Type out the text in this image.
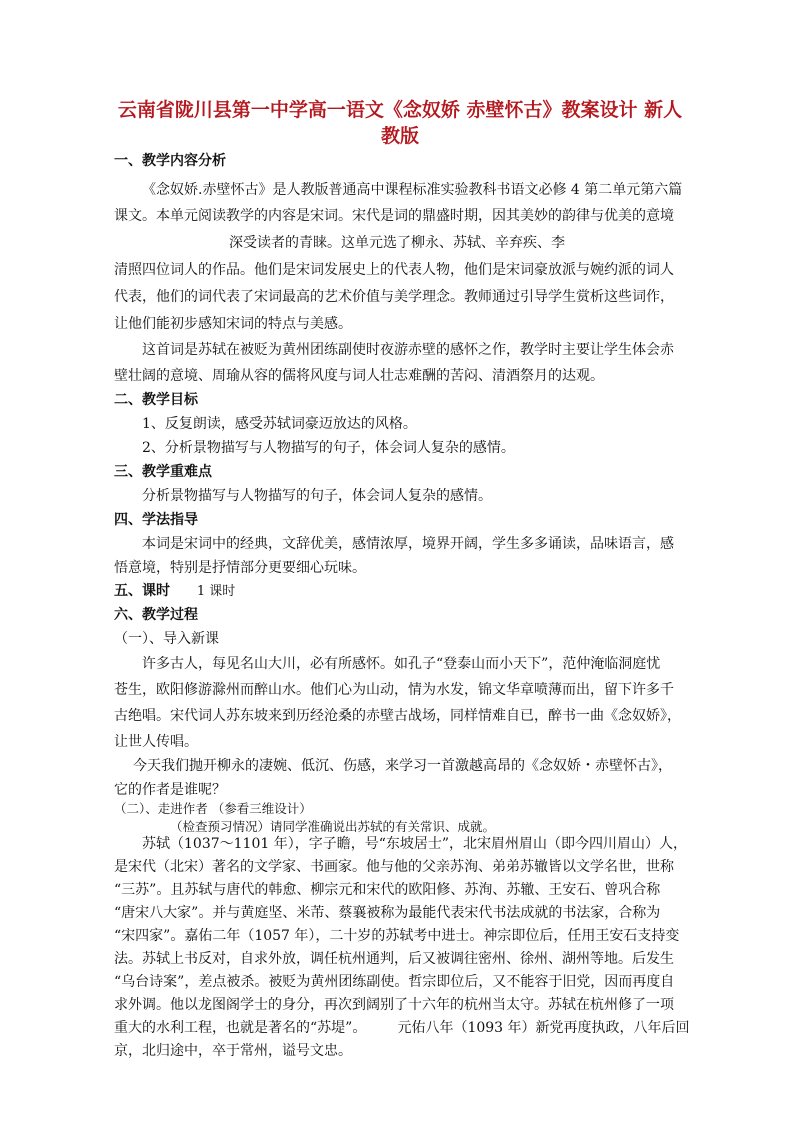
云南省陇川县第一中学高一语文《念奴娇 赤壁怀古》教案设计 新人
教版
一、教学内容分析
《念奴娇.赤壁怀古》是人教版普通高中课程标准实验教科书语文必修 4 第二单元第六篇
课文。本单元阅读教学的内容是宋词。宋代是词的鼎盛时期，因其美妙的韵律与优美的意境
深受读者的青睐。这单元选了柳永、苏轼、辛弃疾、李
清照四位词人的作品。他们是宋词发展史上的代表人物，他们是宋词豪放派与婉约派的词人
代表，他们的词代表了宋词最高的艺术价值与美学理念。教师通过引导学生赏析这些词作，
让他们能初步感知宋词的特点与美感。
这首词是苏轼在被贬为黄州团练副使时夜游赤壁的感怀之作，教学时主要让学生体会赤
壁壮阔的意境、周瑜从容的儒将风度与词人壮志难酬的苦闷、清酒祭月的达观。
二、教学目标
1、反复朗读，感受苏轼词豪迈放达的风格。
2、分析景物描写与人物描写的句子，体会词人复杂的感情。
三、教学重难点
分析景物描写与人物描写的句子，体会词人复杂的感情。
四、学法指导
本词是宋词中的经典，文辞优美，感情浓厚，境界开阔，学生多多诵读，品味语言，感
悟意境，特别是抒情部分更要细心玩味。
五、课时 1 课时
六、教学过程
（一）、导入新课
许多古人，每见名山大川，必有所感怀。如孔子“登泰山而小天下”，范仲淹临洞庭忧
苍生，欧阳修游滁州而醉山水。他们心为山动，情为水发，锦文华章喷薄而出，留下许多千
古绝唱。宋代词人苏东坡来到历经沧桑的赤壁古战场，同样情难自已，醉书一曲《念奴娇》，
让世人传唱。
今天我们抛开柳永的凄婉、低沉、伤感，来学习一首激越高昂的《念奴娇・赤壁怀古》，
它的作者是谁呢？
（二）、走进作者 （参看三维设计）
（检查预习情况）请同学准确说出苏轼的有关常识、成就。
苏轼（1037～1101 年），字子瞻，号“东坡居士”，北宋眉州眉山（即今四川眉山）人，
是宋代（北宋）著名的文学家、书画家。他与他的父亲苏洵、弟弟苏辙皆以文学名世，世称
“三苏”。且苏轼与唐代的韩愈、柳宗元和宋代的欧阳修、苏洵、苏辙、王安石、曾巩合称
“唐宋八大家”。并与黄庭坚、米芾、蔡襄被称为最能代表宋代书法成就的书法家，合称为
“宋四家”。嘉佑二年（1057 年），二十岁的苏轼考中进士。神宗即位后，任用王安石支持变
法。苏轼上书反对，自求外放，调任杭州通判，后又被调往密州、徐州、湖州等地。后发生
“乌台诗案”，差点被杀。被贬为黄州团练副使。哲宗即位后，又不能容于旧党，因而再度自
求外调。他以龙图阁学士的身分，再次到阔别了十六年的杭州当太守。苏轼在杭州修了一项
重大的水利工程，也就是著名的“苏堤”。       元佑八年（1093 年）新党再度执政，八年后回
京，北归途中，卒于常州，谥号文忠。
